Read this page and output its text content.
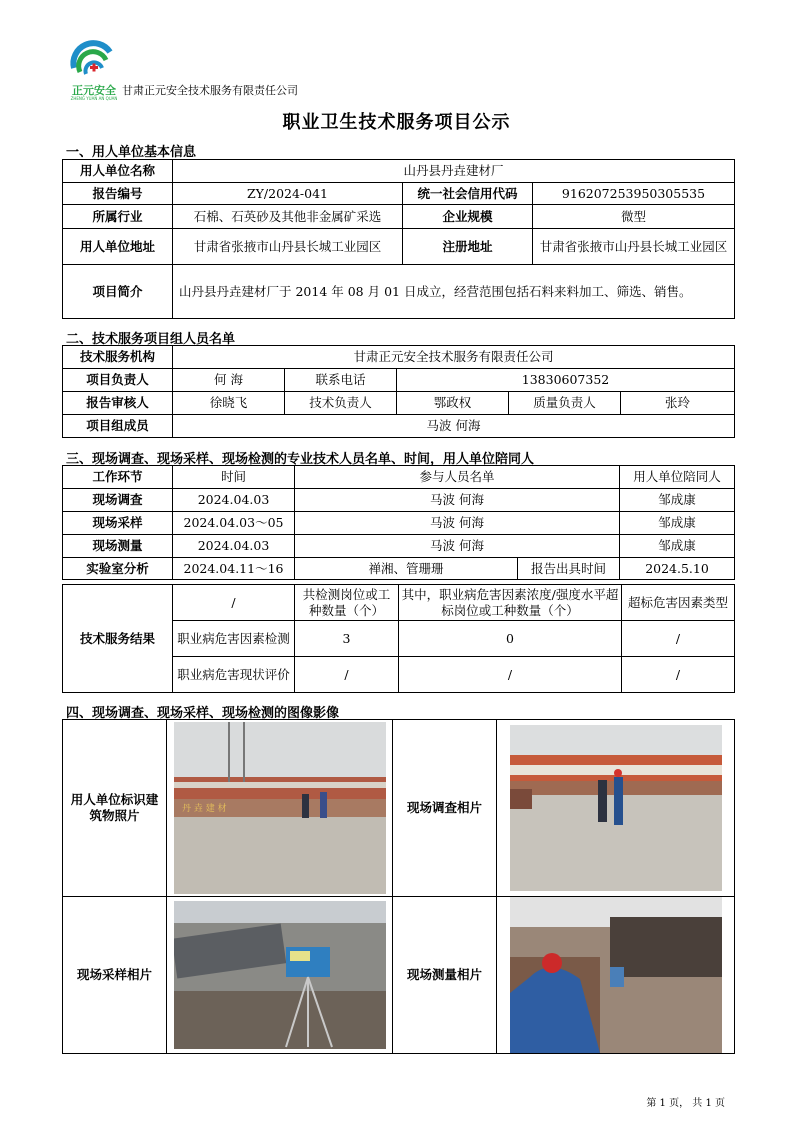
正元安全
ZHENG YUAN AN QUAN
甘肃正元安全技术服务有限责任公司
职业卫生技术服务项目公示
一、用人单位基本信息
用人单位名称	山丹县丹垚建材厂		
报告编号	ZY/2024-041	统一社会信用代码	916207253950305535
所属行业	石棉、石英砂及其他非金属矿采选	企业规模	微型
用人单位地址	甘肃省张掖市山丹县长城工业园区	注册地址	甘肃省张掖市山丹县长城工业园区
项目简介	山丹县丹垚建材厂于 2014 年 08 月 01 日成立，经营范围包括石料来料加工、筛选、销售。		
二、技术服务项目组人员名单
技术服务机构	甘肃正元安全技术服务有限责任公司				
项目负责人	何 海	联系电话	13830607352		
报告审核人	徐晓飞	技术负责人	鄂政权	质量负责人	张玲
项目组成员	马波 何海				
三、现场调查、现场采样、现场检测的专业技术人员名单、时间，用人单位陪同人
工作环节	时间	参与人员名单		用人单位陪同人
现场调查	2024.04.03	马波 何海		邹成康
现场采样	2024.04.03～05	马波 何海		邹成康
现场测量	2024.04.03	马波 何海		邹成康
实验室分析	2024.04.11～16	禅湘、管珊珊	报告出具时间	2024.5.10
技术服务结果	/	共检测岗位或工种数量（个）	其中，职业病危害因素浓度/强度水平超标岗位或工种数量（个）	超标危害因素类型
	职业病危害因素检测	3	0	/
	职业病危害现状评价	/	/	/
四、现场调查、现场采样、现场检测的图像影像
用人单位标识建筑物照片	丹 垚 建 材	现场调查相片	

现场采样相片		现场测量相片	
第 1 页， 共 1 页
